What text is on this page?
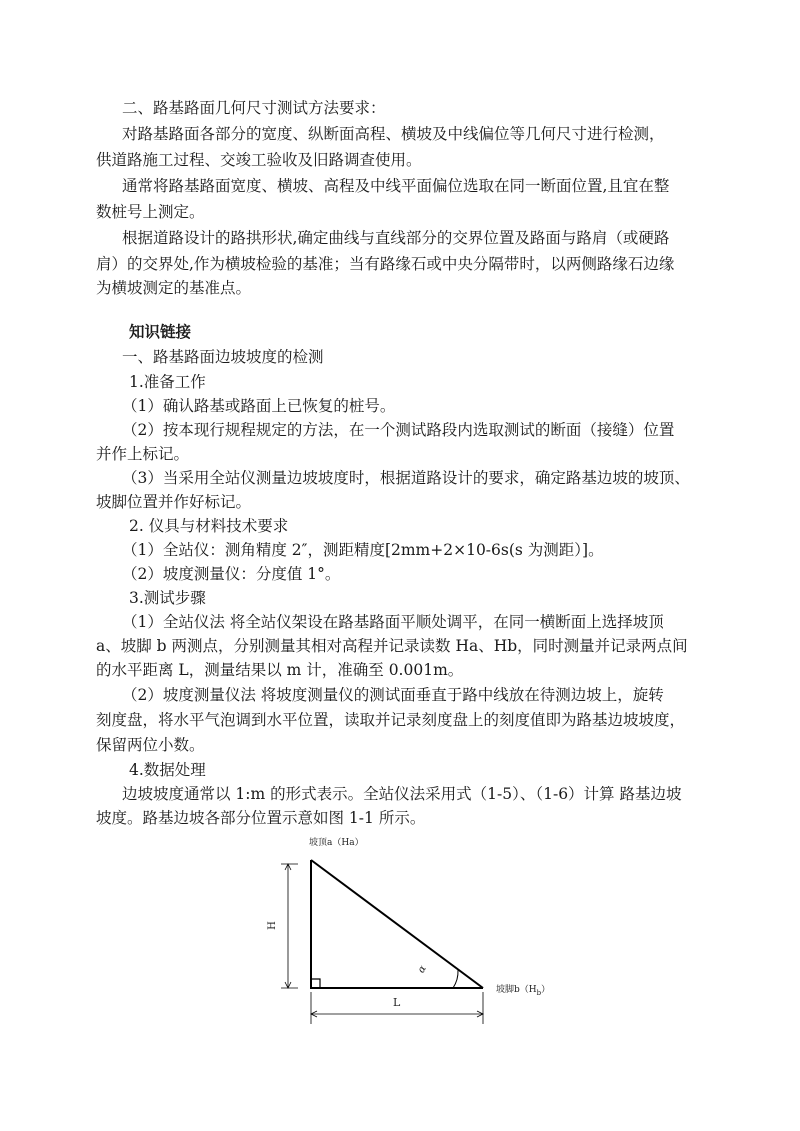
二、路基路面几何尺寸测试方法要求：
对路基路面各部分的宽度、纵断面高程、横坡及中线偏位等几何尺寸进行检测，
供道路施工过程、交竣工验收及旧路调查使用。
通常将路基路面宽度、横坡、高程及中线平面偏位选取在同一断面位置,且宜在整
数桩号上测定。
根据道路设计的路拱形状,确定曲线与直线部分的交界位置及路面与路肩（或硬路
肩）的交界处,作为横坡检验的基准；当有路缘石或中央分隔带时，以两侧路缘石边缘
为横坡测定的基准点。
知识链接
一、路基路面边坡坡度的检测
1.准备工作
（1）确认路基或路面上已恢复的桩号。
（2）按本现行规程规定的方法，在一个测试路段内选取测试的断面（接缝）位置
并作上标记。
（3）当采用全站仪测量边坡坡度时，根据道路设计的要求，确定路基边坡的坡顶、
坡脚位置并作好标记。
2. 仪具与材料技术要求
（1）全站仪：测角精度 2″，测距精度[2mm+2×10-6s(s 为测距）]。
（2）坡度测量仪：分度值 1°。
3.测试步骤
（1）全站仪法 将全站仪架设在路基路面平顺处调平，在同一横断面上选择坡顶
a、坡脚 b 两测点，分别测量其相对高程并记录读数 Ha、Hb，同时测量并记录两点间
的水平距离 L，测量结果以 m 计，准确至 0.001m。
（2）坡度测量仪法 将坡度测量仪的测试面垂直于路中线放在待测边坡上，旋转
刻度盘，将水平气泡调到水平位置，读取并记录刻度盘上的刻度值即为路基边坡坡度，
保留两位小数。
4.数据处理
边坡坡度通常以 1:m 的形式表示。全站仪法采用式（1-5）、（1-6）计算 路基边坡
坡度。路基边坡各部分位置示意如图 1-1 所示。
坡顶a（Ha）
坡脚$b(H_b)$
H
L
α
